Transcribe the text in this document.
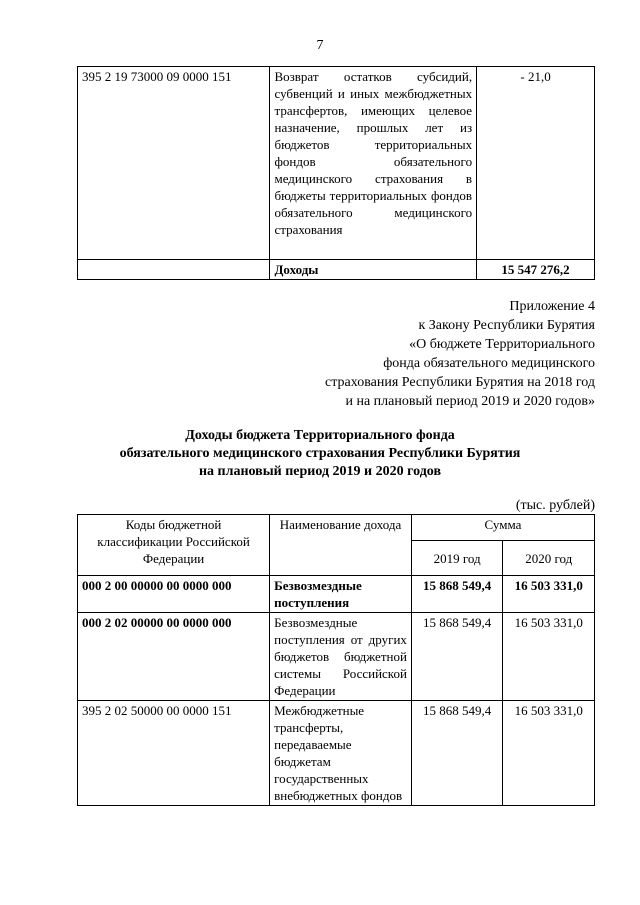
7
395 2 19 73000 09 0000 151	Возврат остатков субсидий, субвенций и иных межбюджетных трансфертов, имеющих целевое назначение, прошлых лет из бюджетов территориальных фондов обязательного медицинского страхования в бюджеты территориальных фондов обязательного медицинского страхования	- 21,0
	Доходы	15 547 276,2
Приложение 4
к Закону Республики Бурятия
«О бюджете Территориального
фонда обязательного медицинского
страхования Республики Бурятия на 2018 год
и на плановый период 2019 и 2020 годов»
Доходы бюджета Территориального фонда
обязательного медицинского страхования Республики Бурятия
на плановый период 2019 и 2020 годов
(тыс. рублей)
Коды бюджетной классификации Российской Федерации	Наименование дохода	Сумма	
		2019 год	2020 год
000 2 00 00000 00 0000 000	Безвозмездные поступления	15 868 549,4	16 503 331,0
000 2 02 00000 00 0000 000	Безвозмездные поступления от других бюджетов бюджетной системы Российской Федерации	15 868 549,4	16 503 331,0
395 2 02 50000 00 0000 151	Межбюджетные трансферты, передаваемые бюджетам государственных внебюджетных фондов	15 868 549,4	16 503 331,0
